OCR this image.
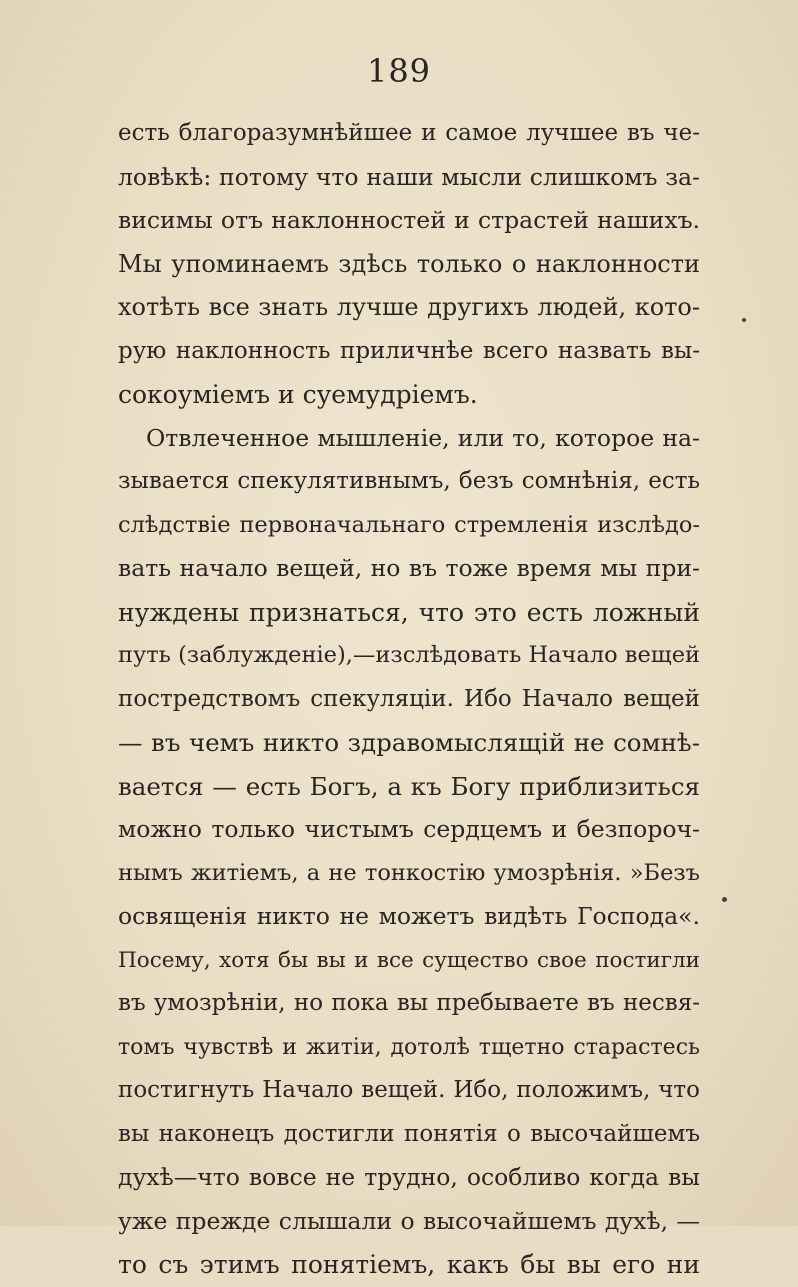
189
есть благоразумнѣйшее и самое лучшее въ че-
ловѣкѣ: потому что наши мысли слишкомъ за-
висимы отъ наклонностей и страстей нашихъ.
Мы упоминаемъ здѣсь только о наклонности
хотѣть все знать лучше другихъ людей, кото-
рую наклонность приличнѣе всего назвать вы-
сокоуміемъ и суемудріемъ.
Отвлеченное мышленіе, или то, которое на-
зывается спекулятивнымъ, безъ сомнѣнія, есть
слѣдствіе первоначальнаго стремленія изслѣдо-
вать начало вещей, но въ тоже время мы при-
нуждены признаться, что это есть ложный
путь (заблужденіе),—изслѣдовать Начало вещей
постредствомъ спекуляціи. Ибо Начало вещей
— въ чемъ никто здравомыслящій не сомнѣ-
вается — есть Богъ, а къ Богу приблизиться
можно только чистымъ сердцемъ и безпороч-
нымъ житіемъ, а не тонкостію умозрѣнія. »Безъ
освященія никто не можетъ видѣть Господа«.
Посему, хотя бы вы и все существо свое постигли
въ умозрѣніи, но пока вы пребываете въ несвя-
томъ чувствѣ и житіи, дотолѣ тщетно старастесь
постигнуть Начало вещей. Ибо, положимъ, что
вы наконецъ достигли понятія о высочайшемъ
духѣ—что вовсе не трудно, особливо когда вы
уже прежде слышали о высочайшемъ духѣ, —
то съ этимъ понятіемъ, какъ бы вы его ни
